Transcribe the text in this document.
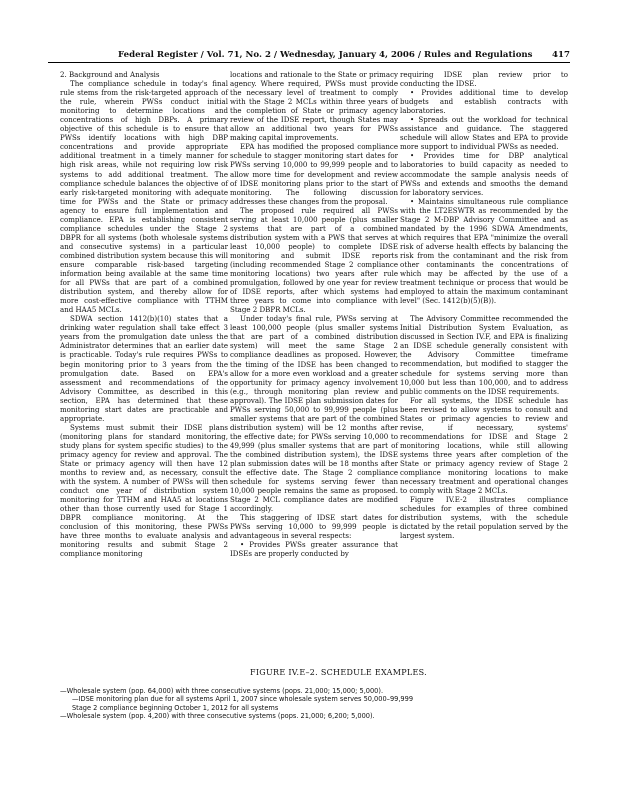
Federal Register / Vol. 71, No. 2 / Wednesday, January 4, 2006 / Rules and Regulations 417

2. Background and Analysis

The compliance schedule in today's final rule stems from the risk-targeted approach of the rule, wherein PWSs conduct initial monitoring to determine locations and concentrations of high DBPs. A primary objective of this schedule is to ensure that PWSs identify locations with high DBP concentrations and provide appropriate additional treatment in a timely manner for high risk areas, while not requiring low risk systems to add additional treatment. The compliance schedule balances the objective of early risk-targeted monitoring with adequate time for PWSs and the State or primacy agency to ensure full implementation and compliance. EPA is establishing consistent compliance schedules under the Stage 2 DBPR for all systems (both wholesale systems and consecutive systems) in a particular combined distribution system because this will ensure comparable risk-based targeting information being available at the same time for all PWSs that are part of a combined distribution system, and thereby allow for more cost-effective compliance with TTHM and HAA5 MCLs.

SDWA section 1412(b)(10) states that a drinking water regulation shall take effect 3 years from the promulgation date unless the Administrator determines that an earlier date is practicable. Today's rule requires PWSs to begin monitoring prior to 3 years from the promulgation date. Based on EPA's assessment and recommendations of the Advisory Committee, as described in this section, EPA has determined that these monitoring start dates are practicable and appropriate.

Systems must submit their IDSE plans (monitoring plans for standard monitoring, study plans for system specific studies) to the primacy agency for review and approval. The State or primacy agency will then have 12 months to review and, as necessary, consult with the system. A number of PWSs will then conduct one year of distribution system monitoring for TTHM and HAA5 at locations other than those currently used for Stage 1 DBPR compliance monitoring. At the conclusion of this monitoring, these PWSs have three months to evaluate analysis and monitoring results and submit Stage 2 compliance monitoring

locations and rationale to the State or primacy agency. Where required, PWSs must provide the necessary level of treatment to comply with the Stage 2 MCLs within three years of the completion of State or primacy agency review of the IDSE report, though States may allow an additional two years for PWSs making capital improvements.

EPA has modified the proposed compliance schedule to stagger monitoring start dates for PWSs serving 10,000 to 99,999 people and to allow more time for development and review of IDSE monitoring plans prior to the start of monitoring. The following discussion addresses these changes from the proposal.

The proposed rule required all PWSs serving at least 10,000 people (plus smaller systems that are part of a combined distribution system with a PWS that serves at least 10,000 people) to complete IDSE monitoring and submit IDSE reports (including recommended Stage 2 compliance monitoring locations) two years after rule promulgation, followed by one year for review of IDSE reports, after which systems had three years to come into compliance with Stage 2 DBPR MCLs.

Under today's final rule, PWSs serving at least 100,000 people (plus smaller systems that are part of a combined distribution system) will meet the same Stage 2 compliance deadlines as proposed. However, the timing of the IDSE has been changed to allow for a more even workload and a greater opportunity for primacy agency involvement (e.g., through monitoring plan review and approval). The IDSE plan submission dates for PWSs serving 50,000 to 99,999 people (plus smaller systems that are part of the combined distribution system) will be 12 months after the effective date; for PWSs serving 10,000 to 49,999 (plus smaller systems that are part of the combined distribution system), the IDSE plan submission dates will be 18 months after the effective date. The Stage 2 compliance schedule for systems serving fewer than 10,000 people remains the same as proposed. Stage 2 MCL compliance dates are modified accordingly.

This staggering of IDSE start dates for PWSs serving 10,000 to 99,999 people is advantageous in several respects:

• Provides PWSs greater assurance that IDSEs are properly conducted by

requiring IDSE plan review prior to conducting the IDSE.

• Provides additional time to develop budgets and establish contracts with laboratories.

• Spreads out the workload for technical assistance and guidance. The staggered schedule will allow States and EPA to provide more support to individual PWSs as needed.

• Provides time for DBP analytical laboratories to build capacity as needed to accommodate the sample analysis needs of PWSs and extends and smooths the demand for laboratory services.

• Maintains simultaneous rule compliance with the LT2ESWTR as recommended by the Stage 2 M-DBP Advisory Committee and as mandated by the 1996 SDWA Amendments, which requires that EPA "minimize the overall risk of adverse health effects by balancing the risk from the contaminant and the risk from other contaminants the concentrations of which may be affected by the use of a treatment technique or process that would be employed to attain the maximum contaminant level" (Sec. 1412(b)(5)(B)).

The Advisory Committee recommended the Initial Distribution System Evaluation, as discussed in Section IV.F, and EPA is finalizing an IDSE schedule generally consistent with the Advisory Committee timeframe recommendation, but modified to stagger the schedule for systems serving more than 10,000 but less than 100,000, and to address public comments on the IDSE requirements.

For all systems, the IDSE schedule has been revised to allow systems to consult and States or primacy agencies to review and revise, if necessary, systems' recommendations for IDSE and Stage 2 monitoring locations, while still allowing systems three years after completion of the State or primacy agency review of Stage 2 compliance monitoring locations to make necessary treatment and operational changes to comply with Stage 2 MCLs.

Figure IV.E-2 illustrates compliance schedules for examples of three combined distribution systems, with the schedule dictated by the retail population served by the largest system.

FIGURE IV.E–2. SCHEDULE EXAMPLES.
—Wholesale system (pop. 64,000) with three consecutive systems (pops. 21,000; 15,000; 5,000).
—IDSE monitoring plan due for all systems April 1, 2007 since wholesale system serves 50,000–99,999
Stage 2 compliance beginning October 1, 2012 for all systems
—Wholesale system (pop. 4,200) with three consecutive systems (pops. 21,000; 6,200; 5,000).
